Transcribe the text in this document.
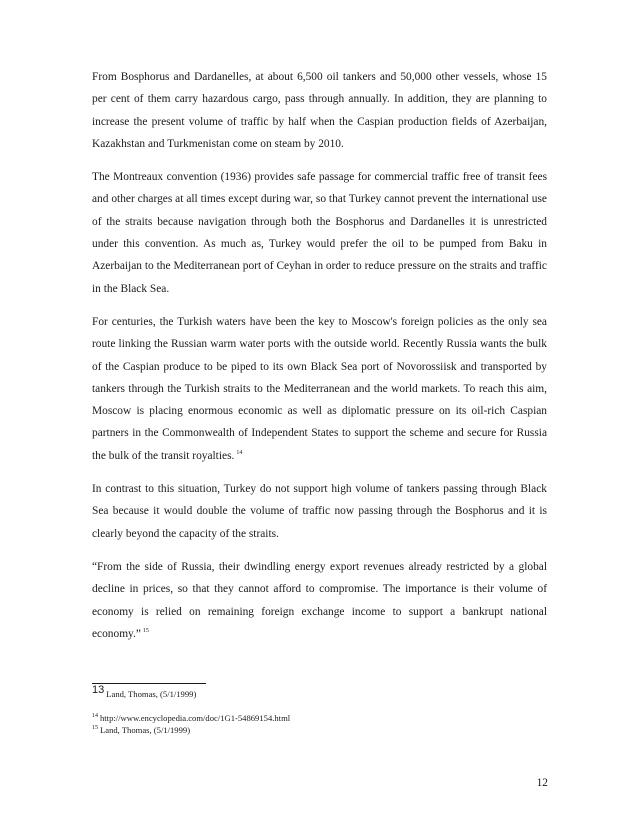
From Bosphorus and Dardanelles, at about 6,500 oil tankers and 50,000 other vessels, whose 15 per cent of them carry hazardous cargo, pass through annually. In addition, they are planning to increase the present volume of traffic by half when the Caspian production fields of Azerbaijan, Kazakhstan and Turkmenistan come on steam by 2010.

The Montreaux convention (1936) provides safe passage for commercial traffic free of transit fees and other charges at all times except during war, so that Turkey cannot prevent the international use of the straits because navigation through both the Bosphorus and Dardanelles it is unrestricted under this convention. As much as, Turkey would prefer the oil to be pumped from Baku in Azerbaijan to the Mediterranean port of Ceyhan in order to reduce pressure on the straits and traffic in the Black Sea.

For centuries, the Turkish waters have been the key to Moscow's foreign policies as the only sea route linking the Russian warm water ports with the outside world. Recently Russia wants the bulk of the Caspian produce to be piped to its own Black Sea port of Novorossiisk and transported by tankers through the Turkish straits to the Mediterranean and the world markets. To reach this aim, Moscow is placing enormous economic as well as diplomatic pressure on its oil-rich Caspian partners in the Commonwealth of Independent States to support the scheme and secure for Russia the bulk of the transit royalties. $^{14}$

In contrast to this situation, Turkey do not support high volume of tankers passing through Black Sea because it would double the volume of traffic now passing through the Bosphorus and it is clearly beyond the capacity of the straits.

“From the side of Russia, their dwindling energy export revenues already restricted by a global decline in prices, so that they cannot afford to compromise. The importance is their volume of economy is relied on remaining foreign exchange income to support a bankrupt national economy.” $^{15}$

13 Land, Thomas, (5/1/1999)

$^{14}$ http://www.encyclopedia.com/doc/1G1-54869154.html

$^{15}$ Land, Thomas, (5/1/1999)

12
